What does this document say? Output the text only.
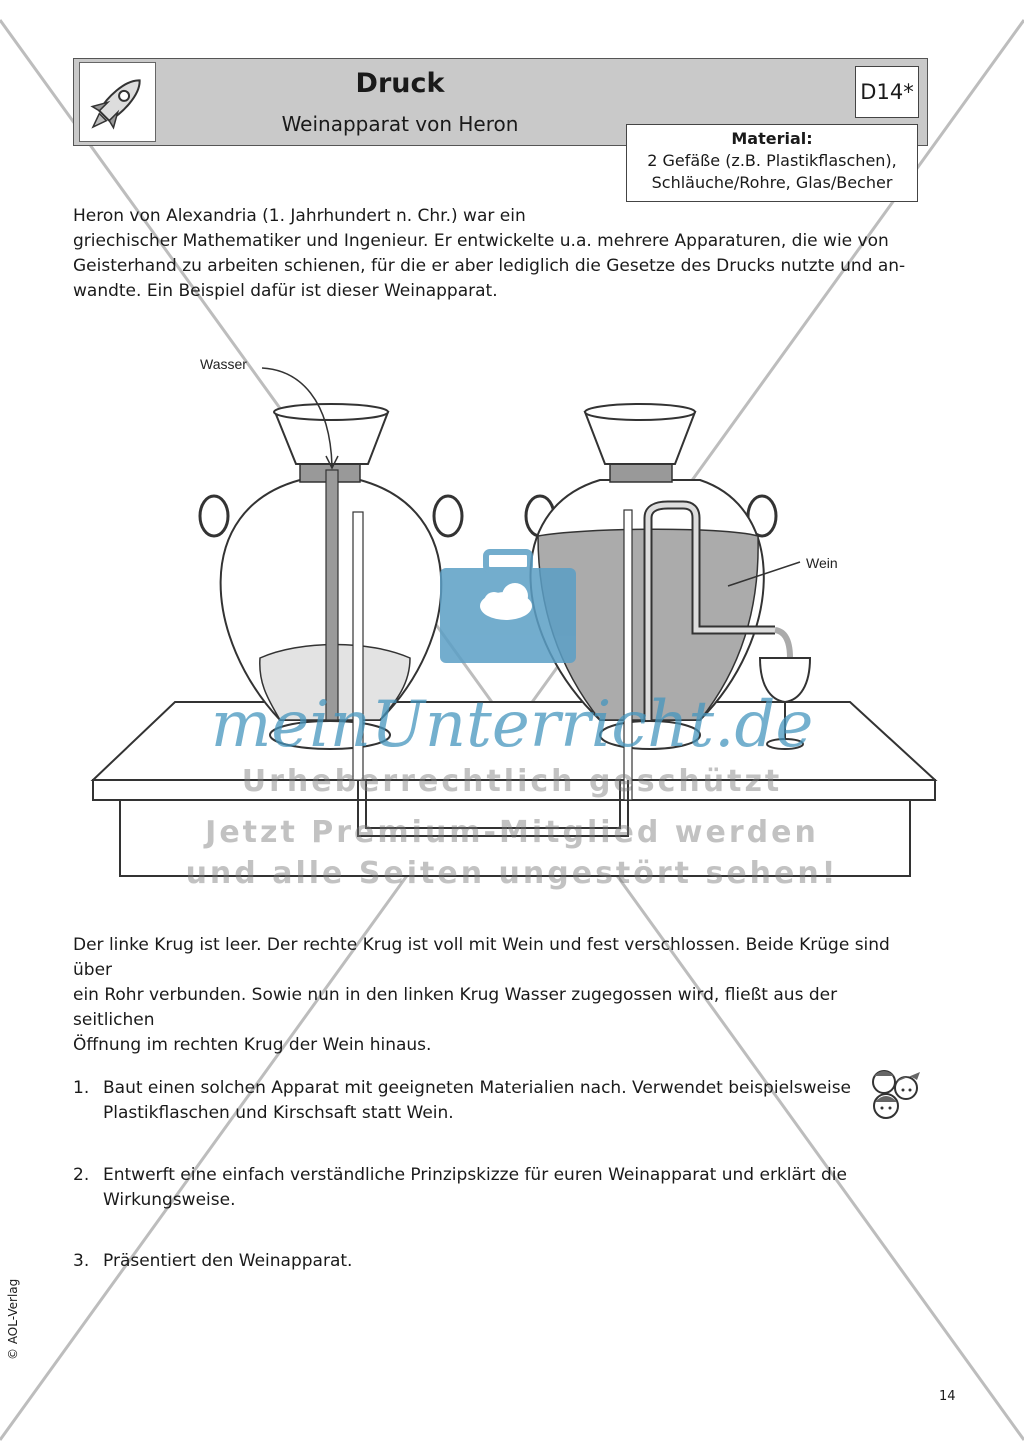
Druck
Weinapparat von Heron
D14*
Material:
2 Gefäße (z.B. Plastikflaschen),
Schläuche/Rohre, Glas/Becher
Heron von Alexandria (1. Jahrhundert n. Chr.) war ein
griechischer Mathematiker und Ingenieur. Er entwickelte u.a. mehrere Apparaturen, die wie von
Geisterhand zu arbeiten schienen, für die er aber lediglich die Gesetze des Drucks nutzte und an-
wandte. Ein Beispiel dafür ist dieser Weinapparat.
Wasser
Wein
meinUnterricht.de
Urheberrechtlich geschützt
Jetzt Premium-Mitglied werden
und alle Seiten ungestört sehen!
Der linke Krug ist leer. Der rechte Krug ist voll mit Wein und fest verschlossen. Beide Krüge sind über
ein Rohr verbunden. Sowie nun in den linken Krug Wasser zugegossen wird, fließt aus der seitlichen
Öffnung im rechten Krug der Wein hinaus.
1. Baut einen solchen Apparat mit geeigneten Materialien nach. Verwendet beispielsweise
Plastikflaschen und Kirschsaft statt Wein.
2. Entwerft eine einfach verständliche Prinzipskizze für euren Weinapparat und erklärt die
Wirkungsweise.
3. Präsentiert den Weinapparat.
© AOL-Verlag
14
